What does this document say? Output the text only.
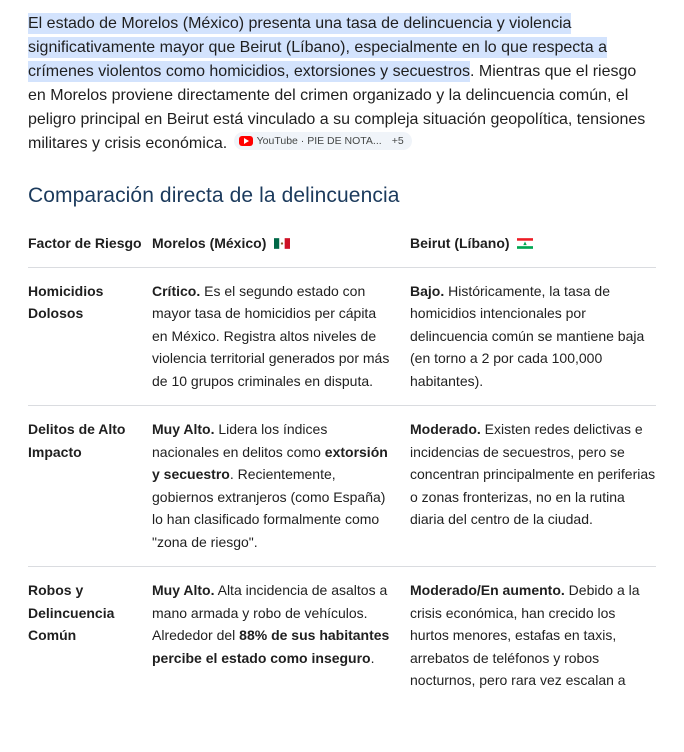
El estado de Morelos (México) presenta una tasa de delincuencia y violencia significativamente mayor que Beirut (Líbano), especialmente en lo que respecta a crímenes violentos como homicidios, extorsiones y secuestros. Mientras que el riesgo en Morelos proviene directamente del crimen organizado y la delincuencia común, el peligro principal en Beirut está vinculado a su compleja situación geopolítica, tensiones militares y crisis económica.	YouTube · PIE DE NOTA... +5

Comparación directa de la delincuencia
Factor de Riesgo	Morelos (México)	Beirut (Líbano)
Homicidios Dolosos	Crítico. Es el segundo estado con mayor tasa de homicidios per cápita en México. Registra altos niveles de violencia territorial generados por más de 10 grupos criminales en disputa.	Bajo. Históricamente, la tasa de homicidios intencionales por delincuencia común se mantiene baja (en torno a 2 por cada 100,000 habitantes).
Delitos de Alto Impacto	Muy Alto. Lidera los índices nacionales en delitos como extorsión y secuestro. Recientemente, gobiernos extranjeros (como España) lo han clasificado formalmente como "zona de riesgo".	Moderado. Existen redes delictivas e incidencias de secuestros, pero se concentran principalmente en periferias o zonas fronterizas, no en la rutina diaria del centro de la ciudad.
Robos y Delincuencia Común	Muy Alto. Alta incidencia de asaltos a mano armada y robo de vehículos. Alrededor del 88% de sus habitantes percibe el estado como inseguro.	Moderado/En aumento. Debido a la crisis económica, han crecido los hurtos menores, estafas en taxis, arrebatos de teléfonos y robos nocturnos, pero rara vez escalan a
